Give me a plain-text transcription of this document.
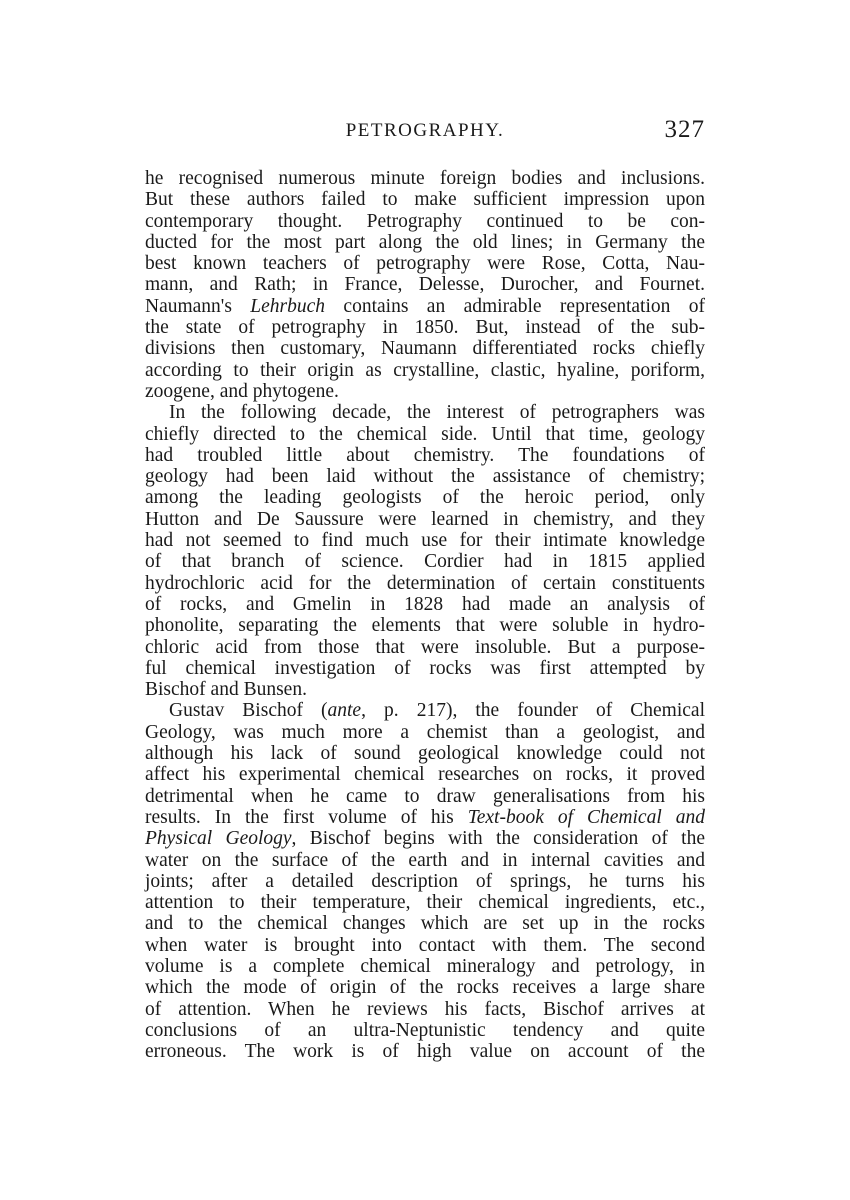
PETROGRAPHY.	327
he recognised numerous minute foreign bodies and inclusions.
But these authors failed to make sufficient impression upon
contemporary thought. Petrography continued to be con-
ducted for the most part along the old lines; in Germany the
best known teachers of petrography were Rose, Cotta, Nau-
mann, and Rath; in France, Delesse, Durocher, and Fournet.
Naumann's Lehrbuch contains an admirable representation of
the state of petrography in 1850. But, instead of the sub-
divisions then customary, Naumann differentiated rocks chiefly
according to their origin as crystalline, clastic, hyaline, poriform,
zoogene, and phytogene.
In the following decade, the interest of petrographers was
chiefly directed to the chemical side. Until that time, geology
had troubled little about chemistry. The foundations of
geology had been laid without the assistance of chemistry;
among the leading geologists of the heroic period, only
Hutton and De Saussure were learned in chemistry, and they
had not seemed to find much use for their intimate knowledge
of that branch of science. Cordier had in 1815 applied
hydrochloric acid for the determination of certain constituents
of rocks, and Gmelin in 1828 had made an analysis of
phonolite, separating the elements that were soluble in hydro-
chloric acid from those that were insoluble. But a purpose-
ful chemical investigation of rocks was first attempted by
Bischof and Bunsen.
Gustav Bischof (ante, p. 217), the founder of Chemical
Geology, was much more a chemist than a geologist, and
although his lack of sound geological knowledge could not
affect his experimental chemical researches on rocks, it proved
detrimental when he came to draw generalisations from his
results. In the first volume of his Text-book of Chemical and
Physical Geology, Bischof begins with the consideration of the
water on the surface of the earth and in internal cavities and
joints; after a detailed description of springs, he turns his
attention to their temperature, their chemical ingredients, etc.,
and to the chemical changes which are set up in the rocks
when water is brought into contact with them. The second
volume is a complete chemical mineralogy and petrology, in
which the mode of origin of the rocks receives a large share
of attention. When he reviews his facts, Bischof arrives at
conclusions of an ultra-Neptunistic tendency and quite
erroneous. The work is of high value on account of the
